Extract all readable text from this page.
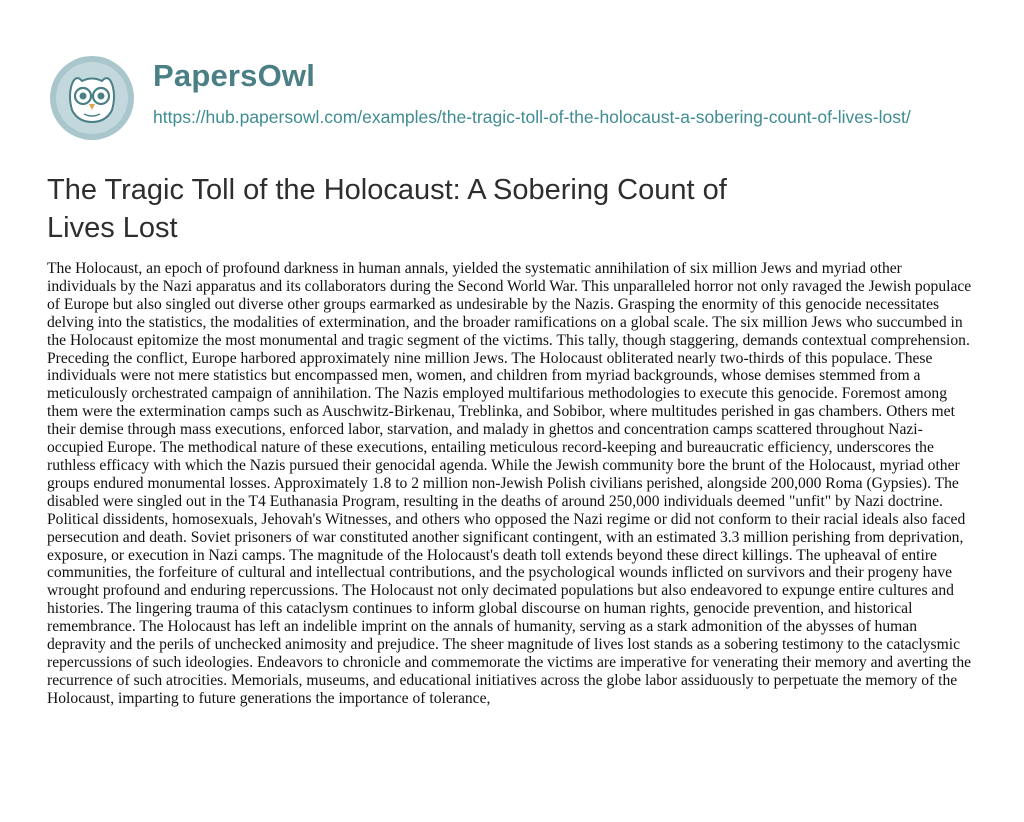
PapersOwl
https://hub.papersowl.com/examples/the-tragic-toll-of-the-holocaust-a-sobering-count-of-lives-lost/
The Tragic Toll of the Holocaust: A Sobering Count of Lives Lost

The Holocaust, an epoch of profound darkness in human annals, yielded the systematic annihilation of six million Jews and myriad other individuals by the Nazi apparatus and its collaborators during the Second World War. This unparalleled horror not only ravaged the Jewish populace of Europe but also singled out diverse other groups earmarked as undesirable by the Nazis. Grasping the enormity of this genocide necessitates delving into the statistics, the modalities of extermination, and the broader ramifications on a global scale. The six million Jews who succumbed in the Holocaust epitomize the most monumental and tragic segment of the victims. This tally, though staggering, demands contextual comprehension. Preceding the conflict, Europe harbored approximately nine million Jews. The Holocaust obliterated nearly two-thirds of this populace. These individuals were not mere statistics but encompassed men, women, and children from myriad backgrounds, whose demises stemmed from a meticulously orchestrated campaign of annihilation. The Nazis employed multifarious methodologies to execute this genocide. Foremost among them were the extermination camps such as Auschwitz-Birkenau, Treblinka, and Sobibor, where multitudes perished in gas chambers. Others met their demise through mass executions, enforced labor, starvation, and malady in ghettos and concentration camps scattered throughout Nazi-occupied Europe. The methodical nature of these executions, entailing meticulous record-keeping and bureaucratic efficiency, underscores the ruthless efficacy with which the Nazis pursued their genocidal agenda. While the Jewish community bore the brunt of the Holocaust, myriad other groups endured monumental losses. Approximately 1.8 to 2 million non-Jewish Polish civilians perished, alongside 200,000 Roma (Gypsies). The disabled were singled out in the T4 Euthanasia Program, resulting in the deaths of around 250,000 individuals deemed "unfit" by Nazi doctrine. Political dissidents, homosexuals, Jehovah's Witnesses, and others who opposed the Nazi regime or did not conform to their racial ideals also faced persecution and death. Soviet prisoners of war constituted another significant contingent, with an estimated 3.3 million perishing from deprivation, exposure, or execution in Nazi camps. The magnitude of the Holocaust's death toll extends beyond these direct killings. The upheaval of entire communities, the forfeiture of cultural and intellectual contributions, and the psychological wounds inflicted on survivors and their progeny have wrought profound and enduring repercussions. The Holocaust not only decimated populations but also endeavored to expunge entire cultures and histories. The lingering trauma of this cataclysm continues to inform global discourse on human rights, genocide prevention, and historical remembrance. The Holocaust has left an indelible imprint on the annals of humanity, serving as a stark admonition of the abysses of human depravity and the perils of unchecked animosity and prejudice. The sheer magnitude of lives lost stands as a sobering testimony to the cataclysmic repercussions of such ideologies. Endeavors to chronicle and commemorate the victims are imperative for venerating their memory and averting the recurrence of such atrocities. Memorials, museums, and educational initiatives across the globe labor assiduously to perpetuate the memory of the Holocaust, imparting to future generations the importance of tolerance,
